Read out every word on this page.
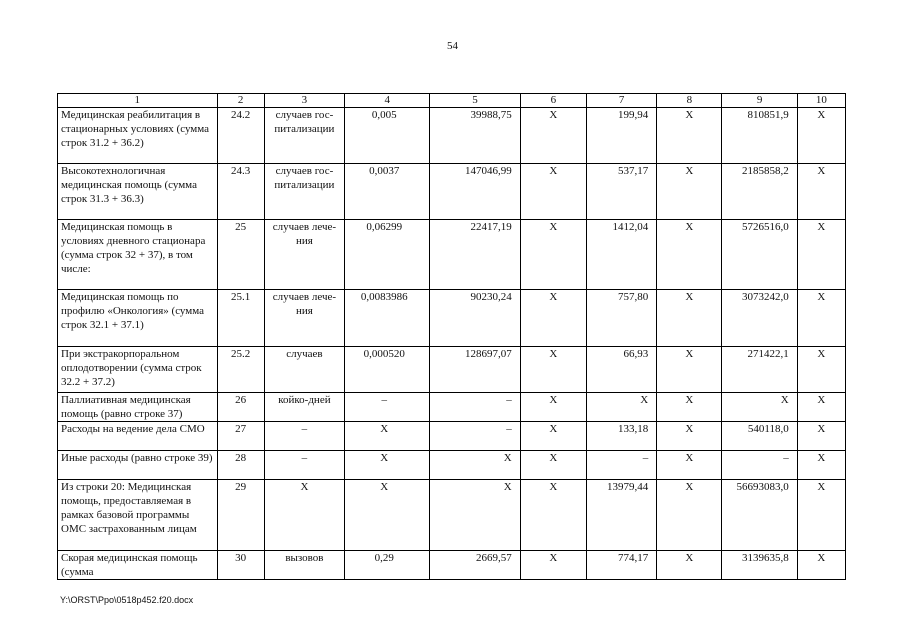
54
1	2	3	4	5	6	7	8	9	10
Медицинская реабилитация в стационарных условиях (сумма строк 31.2 + 36.2)	24.2	случаев гос-питализации	0,005	39988,75	Х	199,94	Х	810851,9	Х
Высокотехнологичная медицинская помощь (сумма строк 31.3 + 36.3)	24.3	случаев гос-питализации	0,0037	147046,99	Х	537,17	Х	2185858,2	Х
Медицинская помощь в условиях дневного стационара (сумма строк 32 + 37), в том числе:	25	случаев лече-ния	0,06299	22417,19	Х	1412,04	Х	5726516,0	Х
Медицинская помощь по профилю «Онкология» (сумма строк 32.1 + 37.1)	25.1	случаев лече-ния	0,0083986	90230,24	Х	757,80	Х	3073242,0	Х
При экстракорпоральном оплодотворении (сумма строк 32.2 + 37.2)	25.2	случаев	0,000520	128697,07	Х	66,93	Х	271422,1	Х
Паллиативная медицинская помощь (равно строке 37)	26	койко-дней	–	–	Х	Х	Х	Х	Х
Расходы на ведение дела СМО	27	–	Х	–	Х	133,18	Х	540118,0	Х
Иные расходы (равно строке 39)	28	–	Х	Х	Х	–	Х	–	Х
Из строки 20: Медицинская помощь, предоставляемая в рамках базовой программы ОМС застрахованным лицам	29	Х	Х	Х	Х	13979,44	Х	56693083,0	Х
Скорая медицинская помощь (сумма	30	вызовов	0,29	2669,57	Х	774,17	Х	3139635,8	Х
Y:\ORST\Ppo\0518p452.f20.docx
